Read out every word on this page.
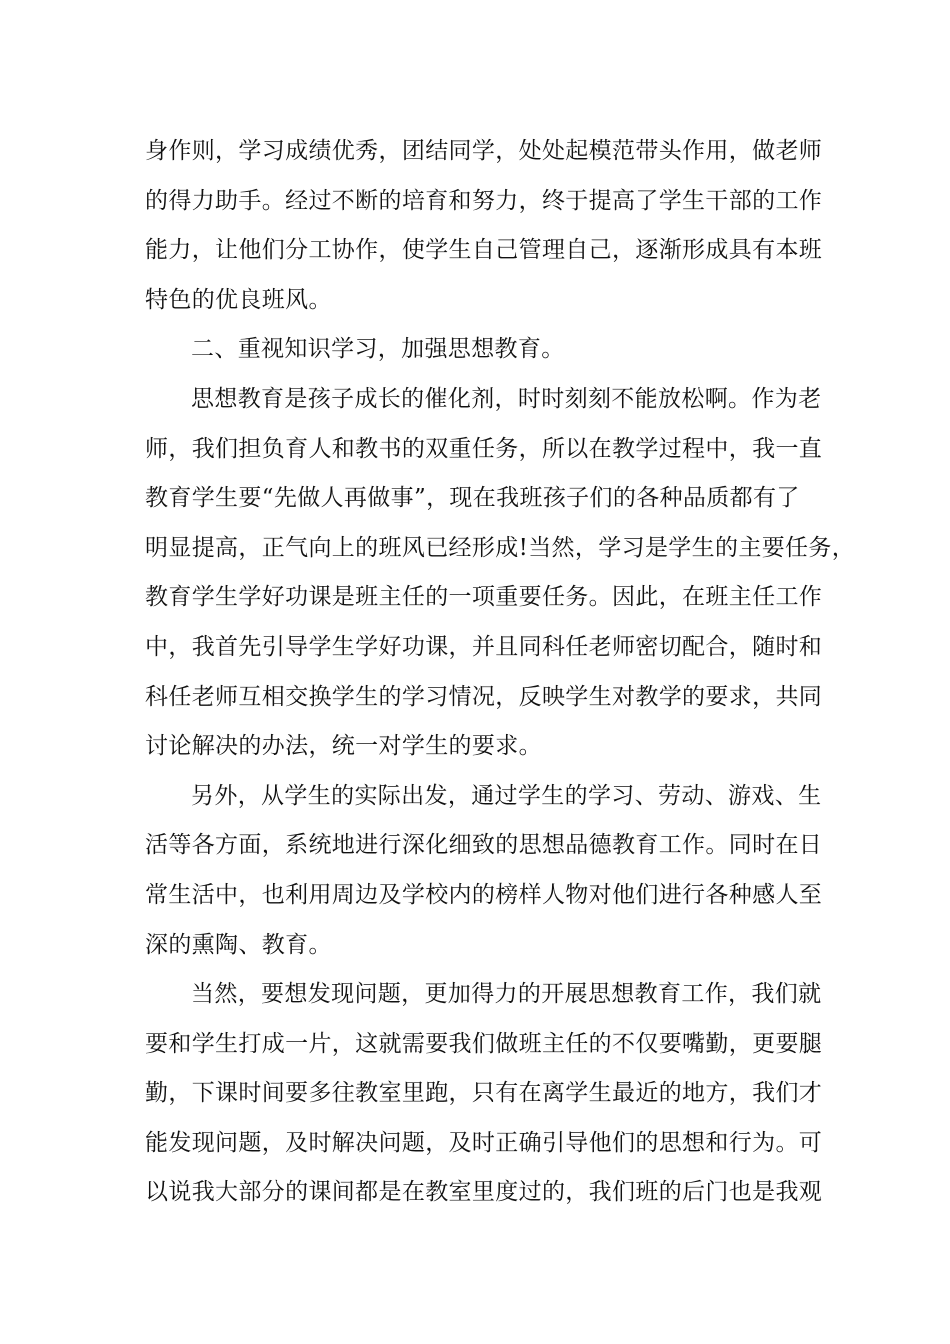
身作则，学习成绩优秀，团结同学，处处起模范带头作用，做老师
的得力助手。经过不断的培育和努力，终于提高了学生干部的工作
能力，让他们分工协作，使学生自己管理自己，逐渐形成具有本班
特色的优良班风。
二、重视知识学习，加强思想教育。
思想教育是孩子成长的催化剂，时时刻刻不能放松啊。作为老
师，我们担负育人和教书的双重任务，所以在教学过程中，我一直
教育学生要“先做人再做事”，现在我班孩子们的各种品质都有了
明显提高，正气向上的班风已经形成!当然，学习是学生的主要任务，
教育学生学好功课是班主任的一项重要任务。因此，在班主任工作
中，我首先引导学生学好功课，并且同科任老师密切配合，随时和
科任老师互相交换学生的学习情况，反映学生对教学的要求，共同
讨论解决的办法，统一对学生的要求。
另外，从学生的实际出发，通过学生的学习、劳动、游戏、生
活等各方面，系统地进行深化细致的思想品德教育工作。同时在日
常生活中，也利用周边及学校内的榜样人物对他们进行各种感人至
深的熏陶、教育。
当然，要想发现问题，更加得力的开展思想教育工作，我们就
要和学生打成一片，这就需要我们做班主任的不仅要嘴勤，更要腿
勤，下课时间要多往教室里跑，只有在离学生最近的地方，我们才
能发现问题，及时解决问题，及时正确引导他们的思想和行为。可
以说我大部分的课间都是在教室里度过的，我们班的后门也是我观
